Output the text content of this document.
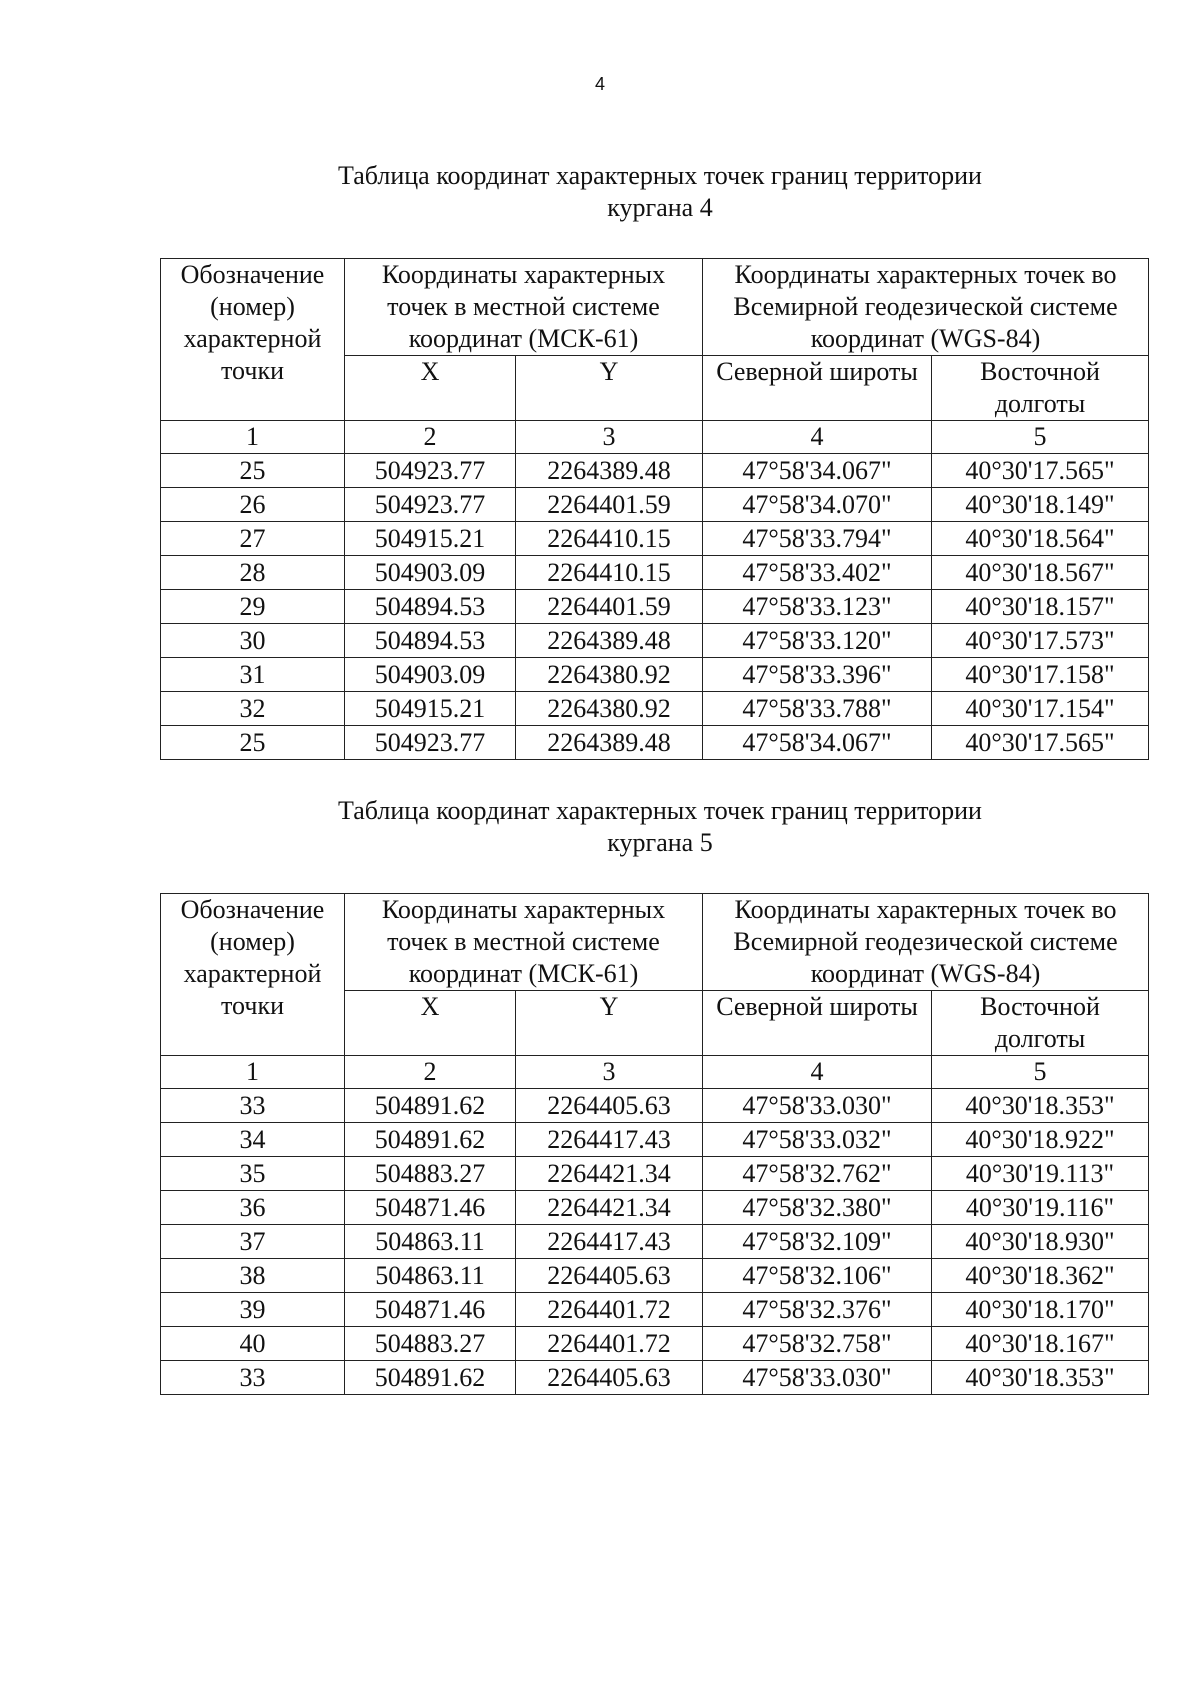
4
Таблица координат характерных точек границ территории
кургана 4
Обозначение (номер) характерной точки	Координаты характерных точек в местной системе координат (МСК-61)		Координаты характерных точек во Всемирной геодезической системе координат (WGS-84)	
	X	Y	Северной широты	Восточной долготы
1	2	3	4	5
25	504923.77	2264389.48	47°58'34.067"	40°30'17.565"
26	504923.77	2264401.59	47°58'34.070"	40°30'18.149"
27	504915.21	2264410.15	47°58'33.794"	40°30'18.564"
28	504903.09	2264410.15	47°58'33.402"	40°30'18.567"
29	504894.53	2264401.59	47°58'33.123"	40°30'18.157"
30	504894.53	2264389.48	47°58'33.120"	40°30'17.573"
31	504903.09	2264380.92	47°58'33.396"	40°30'17.158"
32	504915.21	2264380.92	47°58'33.788"	40°30'17.154"
25	504923.77	2264389.48	47°58'34.067"	40°30'17.565"
Таблица координат характерных точек границ территории
кургана 5
Обозначение (номер) характерной точки	Координаты характерных точек в местной системе координат (МСК-61)		Координаты характерных точек во Всемирной геодезической системе координат (WGS-84)	
	X	Y	Северной широты	Восточной долготы
1	2	3	4	5
33	504891.62	2264405.63	47°58'33.030"	40°30'18.353"
34	504891.62	2264417.43	47°58'33.032"	40°30'18.922"
35	504883.27	2264421.34	47°58'32.762"	40°30'19.113"
36	504871.46	2264421.34	47°58'32.380"	40°30'19.116"
37	504863.11	2264417.43	47°58'32.109"	40°30'18.930"
38	504863.11	2264405.63	47°58'32.106"	40°30'18.362"
39	504871.46	2264401.72	47°58'32.376"	40°30'18.170"
40	504883.27	2264401.72	47°58'32.758"	40°30'18.167"
33	504891.62	2264405.63	47°58'33.030"	40°30'18.353"
